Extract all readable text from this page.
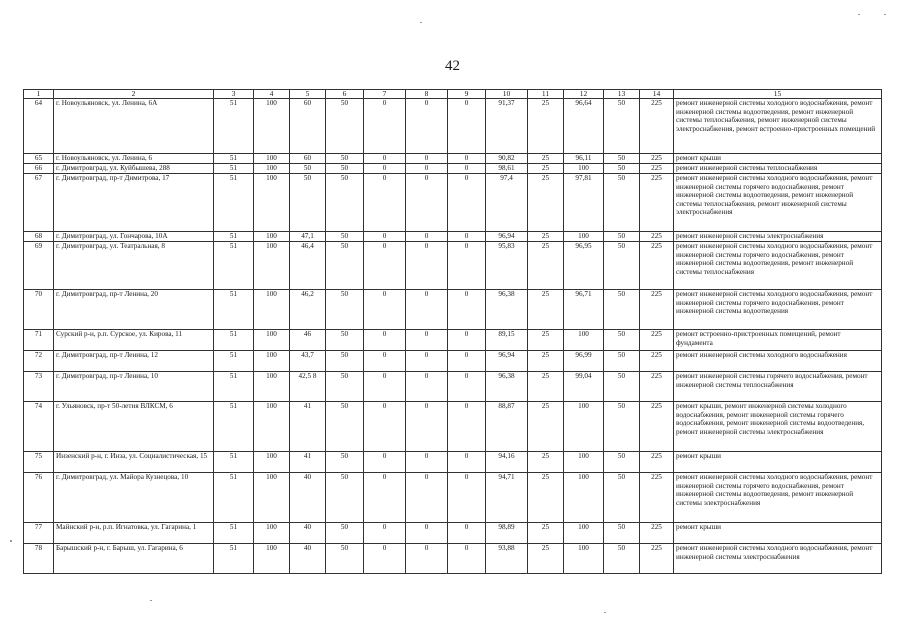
42
1	2	3	4	5	6	7	8	9	10	11	12	13	14	15
64	г. Новоульяновск, ул. Ленина, 6А	51	100	60	50	0	0	0	91,37	25	96,64	50	225	ремонт инженерной системы холодного водоснабжения, ремонт инженерной системы водоотведения, ремонт инженерной системы теплоснабжения, ремонт инженерной системы электроснабжения, ремонт встроенно-пристроенных помещений
65	г. Новоульяновск, ул. Ленина, 6	51	100	60	50	0	0	0	90,82	25	96,11	50	225	ремонт крыши
66	г. Димитровград, ул. Куйбышева, 288	51	100	50	50	0	0	0	98,61	25	100	50	225	ремонт инженерной системы теплоснабжения
67	г. Димитровград, пр-т Димитрова, 17	51	100	50	50	0	0	0	97,4	25	97,81	50	225	ремонт инженерной системы холодного водоснабжения, ремонт инженерной системы горячего водоснабжения, ремонт инженерной системы водоотведения, ремонт инженерной системы теплоснабжения, ремонт инженерной системы электроснабжения
68	г. Димитровград, ул. Гончарова, 10А	51	100	47,1	50	0	0	0	96,94	25	100	50	225	ремонт инженерной системы электроснабжения
69	г. Димитровград, ул. Театральная, 8	51	100	46,4	50	0	0	0	95,83	25	96,95	50	225	ремонт инженерной системы холодного водоснабжения, ремонт инженерной системы горячего водоснабжения, ремонт инженерной системы водоотведения, ремонт инженерной системы теплоснабжения
70	г. Димитровград, пр-т Ленина, 20	51	100	46,2	50	0	0	0	96,38	25	96,71	50	225	ремонт инженерной системы холодного водоснабжения, ремонт инженерной системы горячего водоснабжения, ремонт инженерной системы водоотведения
71	Сурский р-н, р.п. Сурское, ул. Кирова, 11	51	100	46	50	0	0	0	89,15	25	100	50	225	ремонт встроенно-пристроенных помещений, ремонт фундамента
72	г. Димитровград, пр-т Ленина, 12	51	100	43,7	50	0	0	0	96,94	25	96,99	50	225	ремонт инженерной системы холодного водоснабжения
73	г. Димитровград, пр-т Ленина, 10	51	100	42,5 8	50	0	0	0	96,38	25	99,04	50	225	ремонт инженерной системы горячего водоснабжения, ремонт инженерной системы теплоснабжения
74	г. Ульяновск, пр-т 50-летия ВЛКСМ, 6	51	100	41	50	0	0	0	88,87	25	100	50	225	ремонт крыши, ремонт инженерной системы холодного водоснабжения, ремонт инженерной системы горячего водоснабжения, ремонт инженерной системы водоотведения, ремонт инженерной системы электроснабжения
75	Инзенский р-н, г. Инза, ул. Социалистическая, 15	51	100	41	50	0	0	0	94,16	25	100	50	225	ремонт крыши
76	г. Димитровград, ул. Майора Кузнецова, 10	51	100	40	50	0	0	0	94,71	25	100	50	225	ремонт инженерной системы холодного водоснабжения, ремонт инженерной системы горячего водоснабжения, ремонт инженерной системы водоотведения, ремонт инженерной системы электроснабжения
77	Майнский р-н, р.п. Игнатовка, ул. Гагарина, 1	51	100	40	50	0	0	0	98,89	25	100	50	225	ремонт крыши
78	Барышский р-н, г. Барыш, ул. Гагарина, 6	51	100	40	50	0	0	0	93,88	25	100	50	225	ремонт инженерной системы холодного водоснабжения, ремонт инженерной системы электроснабжения
